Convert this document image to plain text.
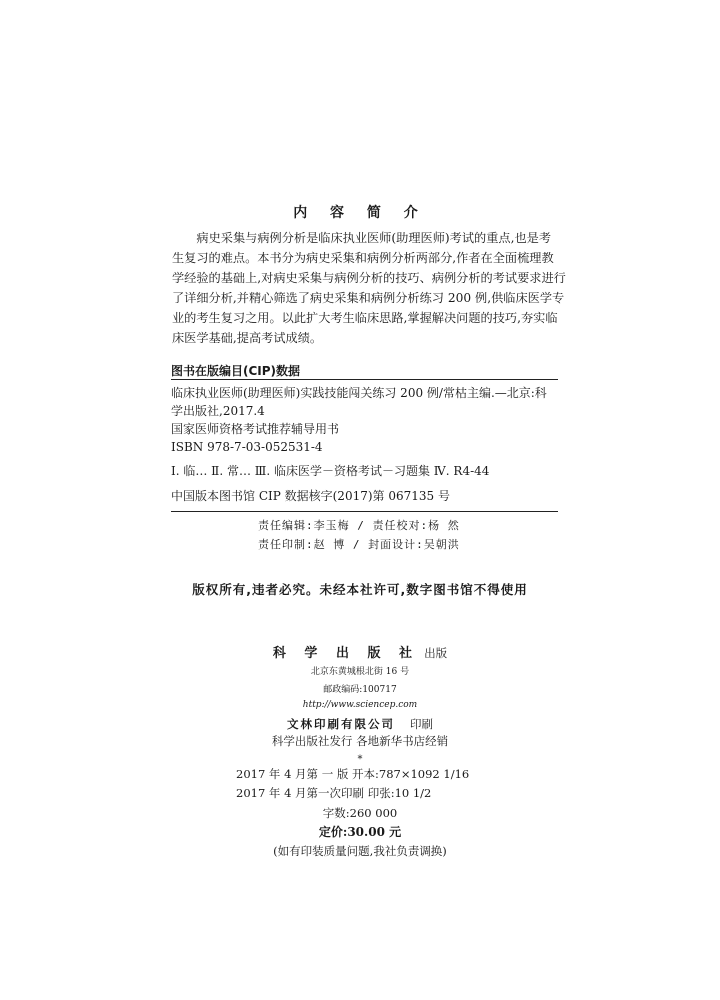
内 容 简 介

病史采集与病例分析是临床执业医师(助理医师)考试的重点,也是考

生复习的难点。本书分为病史采集和病例分析两部分,作者在全面梳理教

学经验的基础上,对病史采集与病例分析的技巧、病例分析的考试要求进行

了详细分析,并精心筛选了病史采集和病例分析练习 200 例,供临床医学专

业的考生复习之用。以此扩大考生临床思路,掌握解决问题的技巧,夯实临

床医学基础,提高考试成绩。

图书在版编目(CIP)数据
临床执业医师(助理医师)实践技能闯关练习 200 例/常枯主编.—北京:科
学出版社,2017.4
国家医师资格考试推荐辅导用书
ISBN 978-7-03-052531-4
Ⅰ. 临… Ⅱ. 常… Ⅲ. 临床医学－资格考试－习题集 Ⅳ. R4-44
中国版本图书馆 CIP 数据核字(2017)第 067135 号
责任编辑:李玉梅 / 责任校对:杨 然
责任印制:赵 博 / 封面设计:吴朝洪
版权所有,违者必究。未经本社许可,数字图书馆不得使用
科 学 出 版 社 出版
北京东黄城根北街 16 号
邮政编码:100717
http://www.sciencep.com
文林印刷有限公司 印刷
科学出版社发行 各地新华书店经销
*
2017 年 4 月第 一 版 开本:787×1092 1/16
2017 年 4 月第一次印刷 印张:10 1/2
字数:260 000
定价:30.00 元
(如有印装质量问题,我社负责调换)
